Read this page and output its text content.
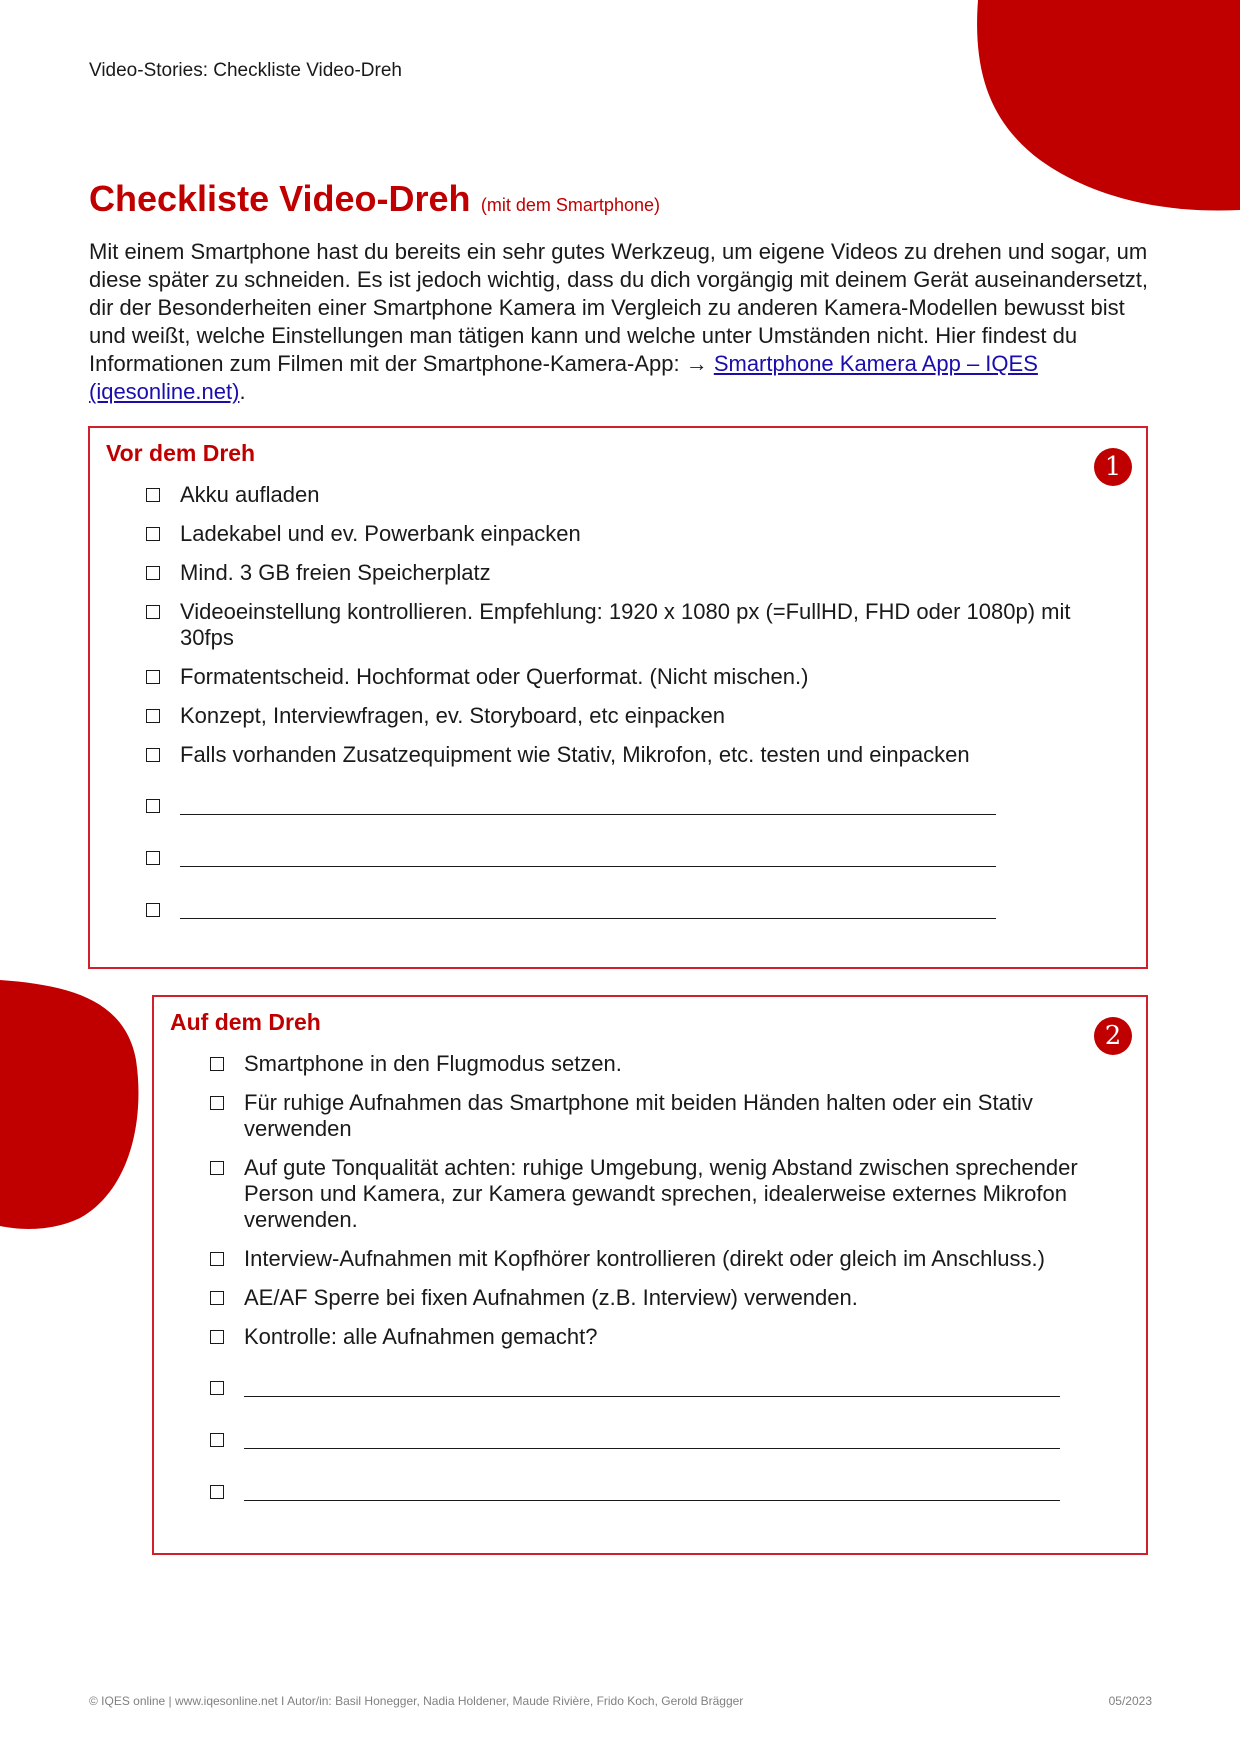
Video-Stories: Checkliste Video-Dreh
Checkliste Video-Dreh (mit dem Smartphone)

Mit einem Smartphone hast du bereits ein sehr gutes Werkzeug, um eigene Videos zu drehen und sogar, um diese später zu schneiden. Es ist jedoch wichtig, dass du dich vorgängig mit deinem Gerät auseinandersetzt, dir der Besonderheiten einer Smartphone Kamera im Vergleich zu anderen Kamera-Modellen bewusst bist und weißt, welche Einstellungen man tätigen kann und welche unter Umständen nicht. Hier findest du Informationen zum Filmen mit der Smartphone-Kamera-App: → Smartphone Kamera App – IQES (iqesonline.net).

Vor dem Dreh	1
Akku aufladen
Ladekabel und ev. Powerbank einpacken
Mind. 3 GB freien Speicherplatz
Videoeinstellung kontrollieren. Empfehlung: 1920 x 1080 px (=FullHD, FHD oder 1080p) mit 30fps
Formatentscheid. Hochformat oder Querformat. (Nicht mischen.)
Konzept, Interviewfragen, ev. Storyboard, etc einpacken
Falls vorhanden Zusatzequipment wie Stativ, Mikrofon, etc. testen und einpacken
Auf dem Dreh	2
Smartphone in den Flugmodus setzen.
Für ruhige Aufnahmen das Smartphone mit beiden Händen halten oder ein Stativ verwenden
Auf gute Tonqualität achten: ruhige Umgebung, wenig Abstand zwischen sprechender Person und Kamera, zur Kamera gewandt sprechen, idealerweise externes Mikrofon verwenden.
Interview-Aufnahmen mit Kopfhörer kontrollieren (direkt oder gleich im Anschluss.)
AE/AF Sperre bei fixen Aufnahmen (z.B. Interview) verwenden.
Kontrolle: alle Aufnahmen gemacht?
© IQES online | www.iqesonline.net I Autor/in: Basil Honegger, Nadia Holdener, Maude Rivière, Frido Koch, Gerold Brägger	05/2023
